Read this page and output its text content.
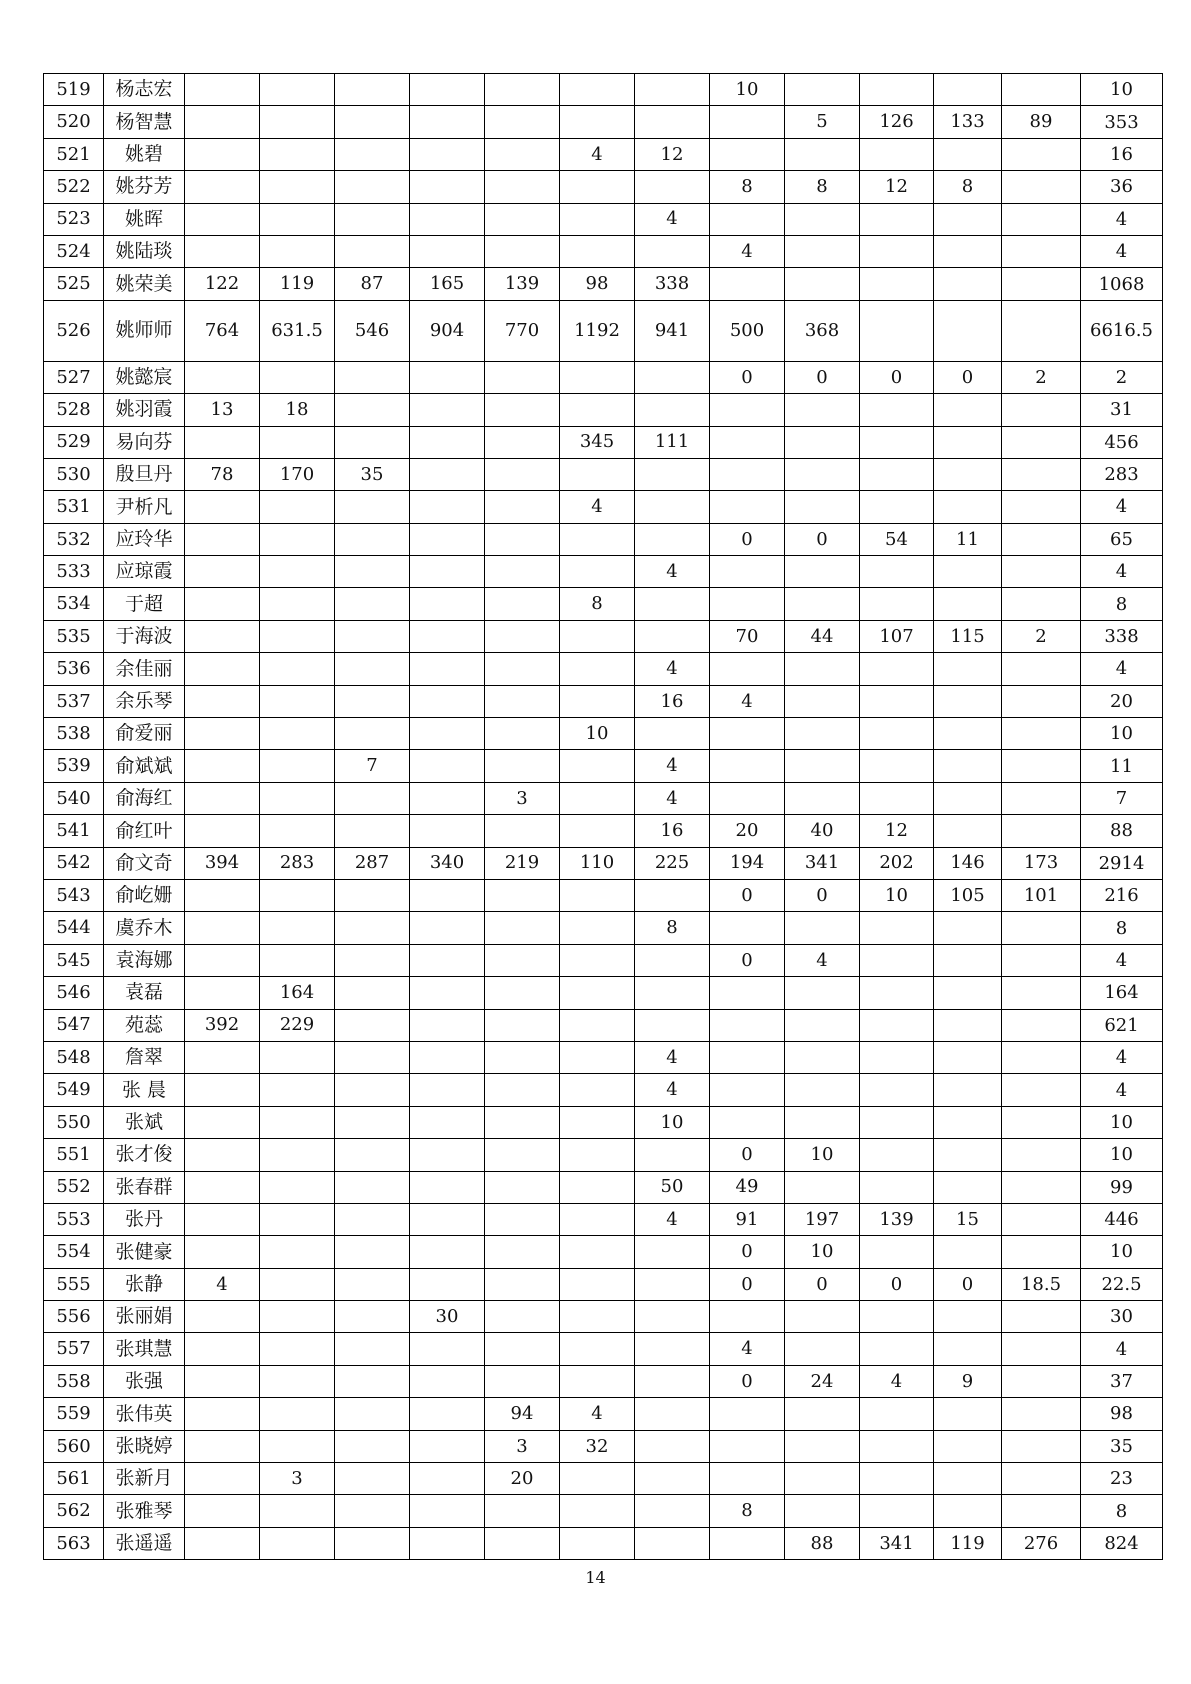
519	杨志宏								10					10
520	杨智慧									5	126	133	89	353
521	姚碧						4	12						16
522	姚芬芳								8	8	12	8		36
523	姚晖							4						4
524	姚陆琰								4					4
525	姚荣美	122	119	87	165	139	98	338						1068
526	姚师师	764	631.5	546	904	770	1192	941	500	368				6616.5
527	姚懿宸								0	0	0	0	2	2
528	姚羽霞	13	18											31
529	易向芬						345	111						456
530	殷旦丹	78	170	35										283
531	尹析凡						4							4
532	应玲华								0	0	54	11		65
533	应琼霞							4						4
534	于超						8							8
535	于海波								70	44	107	115	2	338
536	余佳丽							4						4
537	余乐琴							16	4					20
538	俞爱丽						10							10
539	俞斌斌			7				4						11
540	俞海红					3		4						7
541	俞红叶							16	20	40	12			88
542	俞文奇	394	283	287	340	219	110	225	194	341	202	146	173	2914
543	俞屹姗								0	0	10	105	101	216
544	虞乔木							8						8
545	袁海娜								0	4				4
546	袁磊		164											164
547	苑蕊	392	229											621
548	詹翠							4						4
549	张 晨							4						4
550	张斌							10						10
551	张才俊								0	10				10
552	张春群							50	49					99
553	张丹							4	91	197	139	15		446
554	张健豪								0	10				10
555	张静	4							0	0	0	0	18.5	22.5
556	张丽娟				30									30
557	张琪慧								4					4
558	张强								0	24	4	9		37
559	张伟英					94	4							98
560	张晓婷					3	32							35
561	张新月		3			20								23
562	张雅琴								8					8
563	张遥遥									88	341	119	276	824
14
